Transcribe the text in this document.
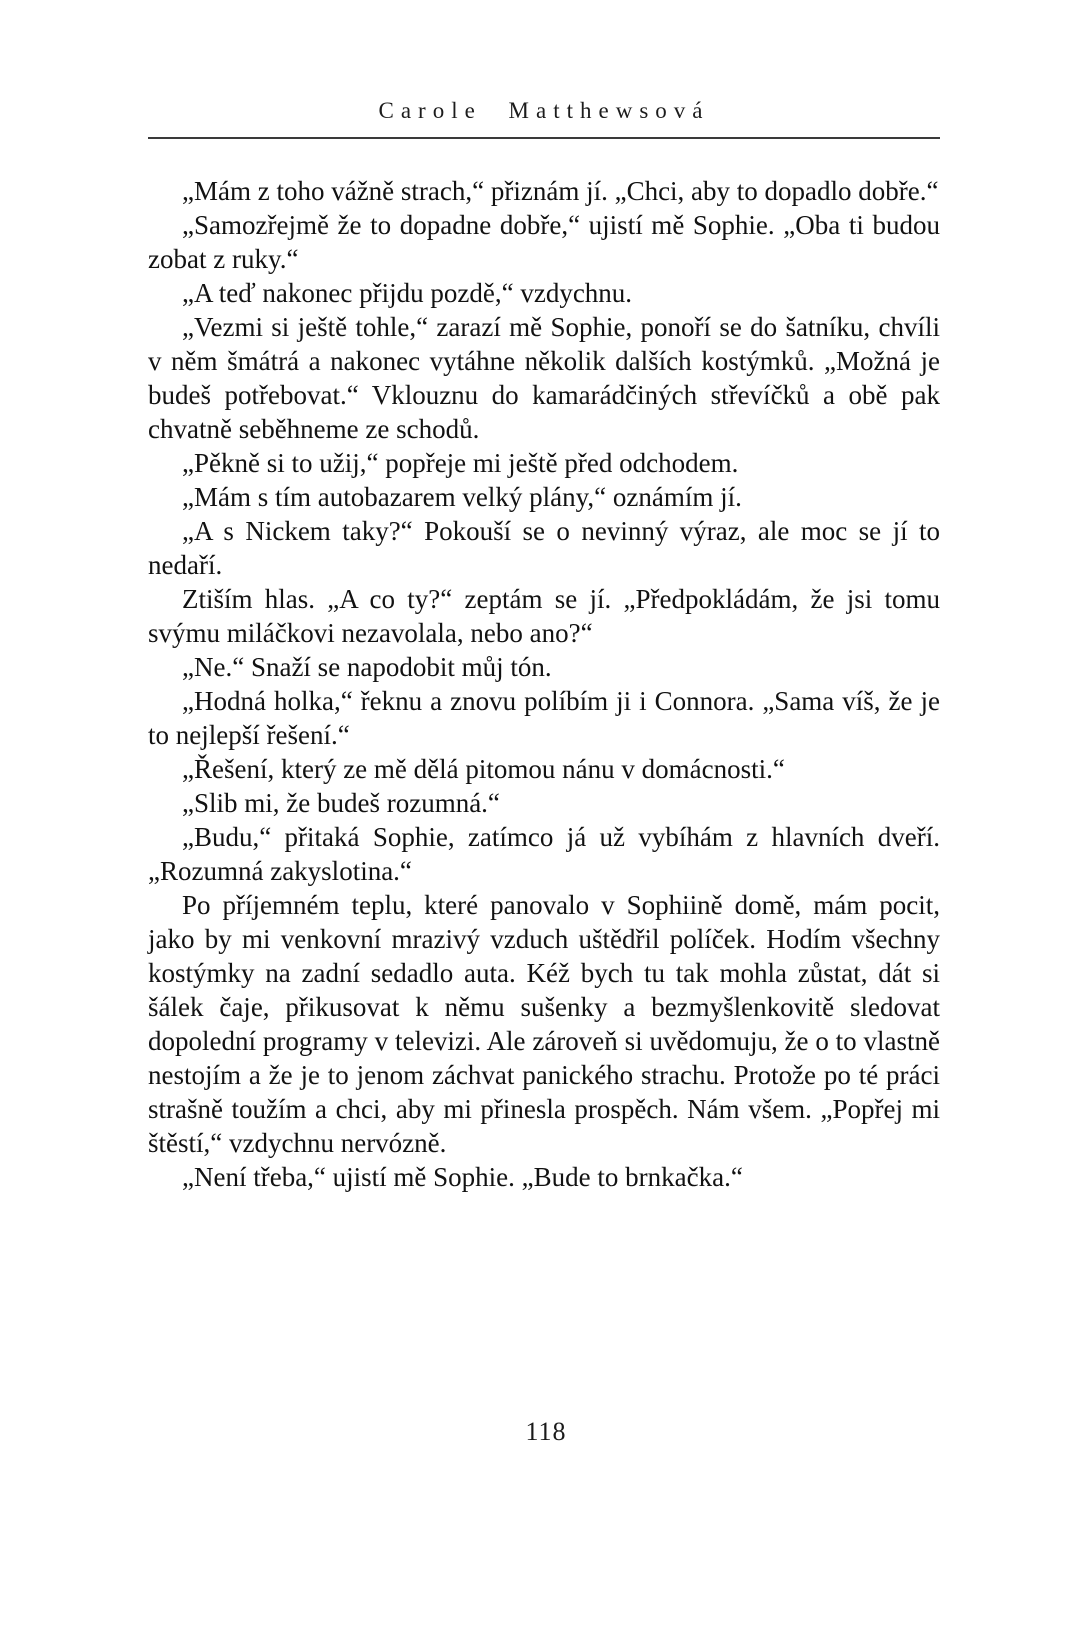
Carole Matthewsová

„Mám z toho vážně strach,“ přiznám jí. „Chci, aby to dopadlo dobře.“

„Samozřejmě že to dopadne dobře,“ ujistí mě Sophie. „Oba ti budou zobat z ruky.“

„A teď nakonec přijdu pozdě,“ vzdychnu.

„Vezmi si ještě tohle,“ zarazí mě Sophie, ponoří se do šatníku, chvíli v něm šmátrá a nakonec vytáhne několik dalších kostýmků. „Možná je budeš potřebovat.“ Vklouznu do kamarádčiných střevíčků a obě pak chvatně seběhneme ze schodů.

„Pěkně si to užij,“ popřeje mi ještě před odchodem.

„Mám s tím autobazarem velký plány,“ oznámím jí.

„A s Nickem taky?“ Pokouší se o nevinný výraz, ale moc se jí to nedaří.

Ztiším hlas. „A co ty?“ zeptám se jí. „Předpokládám, že jsi tomu svýmu miláčkovi nezavolala, nebo ano?“

„Ne.“ Snaží se napodobit můj tón.

„Hodná holka,“ řeknu a znovu políbím ji i Connora. „Sama víš, že je to nejlepší řešení.“

„Řešení, který ze mě dělá pitomou nánu v domácnosti.“

„Slib mi, že budeš rozumná.“

„Budu,“ přitaká Sophie, zatímco já už vybíhám z hlavních dveří. „Rozumná zakyslotina.“

Po příjemném teplu, které panovalo v Sophiině domě, mám pocit, jako by mi venkovní mrazivý vzduch uštědřil políček. Hodím všechny kostýmky na zadní sedadlo auta. Kéž bych tu tak mohla zůstat, dát si šálek čaje, přikusovat k němu sušenky a bezmyšlenkovitě sledovat dopolední programy v televizi. Ale zároveň si uvědomuju, že o to vlastně nestojím a že je to jenom záchvat panického strachu. Protože po té práci strašně toužím a chci, aby mi přinesla prospěch. Nám všem. „Popřej mi štěstí,“ vzdychnu nervózně.

„Není třeba,“ ujistí mě Sophie. „Bude to brnkačka.“

118
